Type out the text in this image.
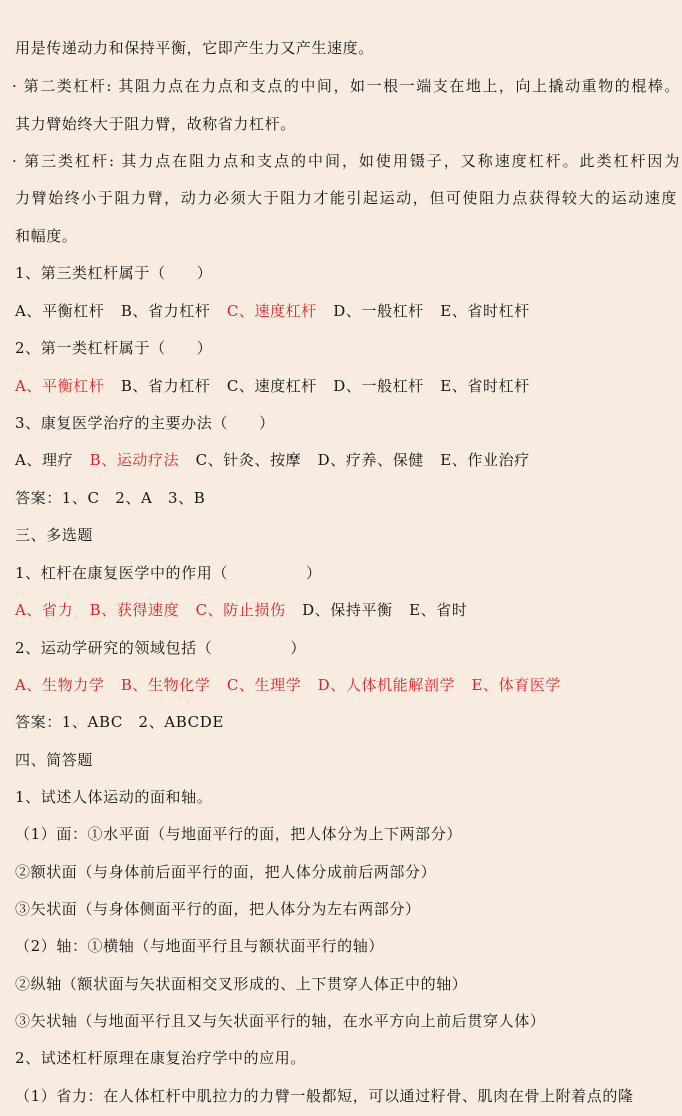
用是传递动力和保持平衡，它即产生力又产生速度。
· 第二类杠杆: 其阻力点在力点和支点的中间，如一根一端支在地上，向上撬动重物的棍棒。
其力臂始终大于阻力臂，故称省力杠杆。
· 第三类杠杆: 其力点在阻力点和支点的中间，如使用镊子，又称速度杠杆。此类杠杆因为
力臂始终小于阻力臂，动力必须大于阻力才能引起运动，但可使阻力点获得较大的运动速度
和幅度。
1、第三类杠杆属于（　　）
A、平衡杠杆 B、省力杠杆 C、速度杠杆 D、一般杠杆 E、省时杠杆
2、第一类杠杆属于（　　）
A、平衡杠杆 B、省力杠杆 C、速度杠杆 D、一般杠杆 E、省时杠杆
3、康复医学治疗的主要办法（　　）
A、理疗 B、运动疗法 C、针灸、按摩 D、疗养、保健 E、作业治疗
答案：1、C　2、A　3、B
三、多选题
1、杠杆在康复医学中的作用（　　　　　）
A、省力 B、获得速度 C、防止损伤 D、保持平衡 E、省时
2、运动学研究的领域包括（　　　　　）
A、生物力学 B、生物化学 C、生理学 D、人体机能解剖学 E、体育医学
答案：1、ABC　2、ABCDE
四、简答题
1、试述人体运动的面和轴。
（1）面：①水平面（与地面平行的面，把人体分为上下两部分）
②额状面（与身体前后面平行的面，把人体分成前后两部分）
③矢状面（与身体侧面平行的面，把人体分为左右两部分）
（2）轴：①横轴（与地面平行且与额状面平行的轴）
②纵轴（额状面与矢状面相交叉形成的、上下贯穿人体正中的轴）
③矢状轴（与地面平行且又与矢状面平行的轴，在水平方向上前后贯穿人体）
2、试述杠杆原理在康复治疗学中的应用。
（1）省力：在人体杠杆中肌拉力的力臂一般都短，可以通过籽骨、肌肉在骨上附着点的隆
